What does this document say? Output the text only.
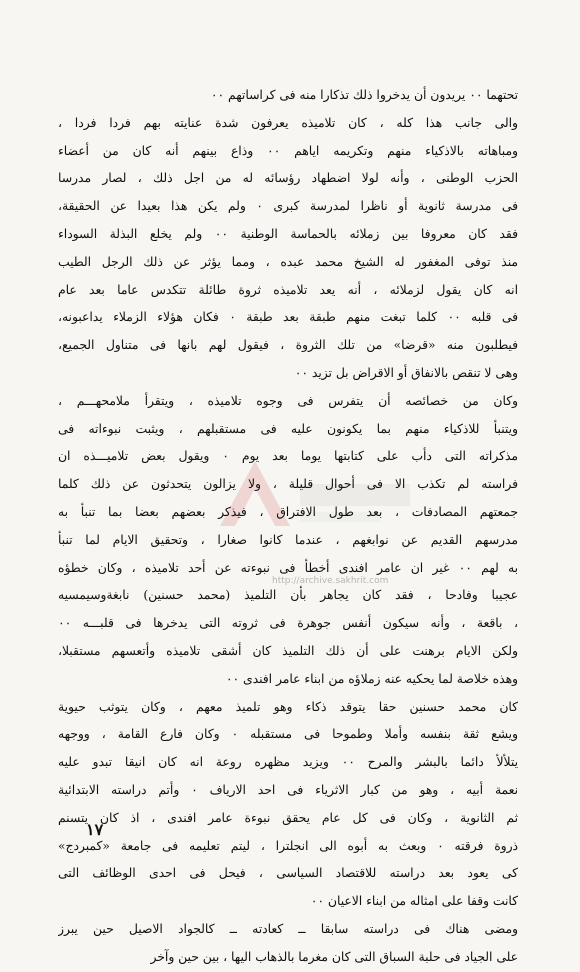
http://archive.sakhrit.com
تحتهما ٠٠ يريدون أن يدخروا ذلك تذكارا منه فى كراساتهم ٠٠
والى جانب هذا كله ، كان تلاميذه يعرفون شدة عنايته بهم فردا فردا ،
ومباهاته بالاذكياء منهم وتكريمه اياهم ٠٠ وذاع بينهم أنه كان من أعضاء
الحزب الوطنى ، وأنه لولا اضطهاد رؤسائه له من اجل ذلك ، لصار مدرسا
فى مدرسة ثانوية أو ناظرا لمدرسة كبرى ٠ ولم يكن هذا بعيدا عن الحقيقة،
فقد كان معروفا بين زملائه بالحماسة الوطنية ٠٠ ولم يخلع البذلة السوداء
منذ توفى المغفور له الشيخ محمد عبده ، ومما يؤثر عن ذلك الرجل الطيب
انه كان يقول لزملائه ، أنه يعد تلاميذه ثروة طائلة تتكدس عاما بعد عام
فى قلبه ٠٠ كلما تبغت منهم طبقة بعد طبقة ٠ فكان هؤلاء الزملاء يداعبونه،
فيطلبون منه «قرضا» من تلك الثروة ، فيقول لهم بانها فى متناول الجميع،
وهى لا تنقص بالانفاق أو الاقراض بل تزيد ٠٠
وكان من خصائصه أن يتفرس فى وجوه تلاميذه ، ويتقرأ ملامحهـــم ،
ويتنبأ للاذكياء منهم بما يكونون عليه فى مستقبلهم ، ويثبت نبوءاته فى
مذكراته التى دأب على كتابتها يوما بعد يوم ٠ ويقول بعض تلاميـــذه ان
فراسته لم تكذب الا فى أحوال قليلة ، ولا يزالون يتحدثون عن ذلك كلما
جمعتهم المصادفات ، بعد طول الافتراق ، فيذكر بعضهم بعضا بما تنبأ به
مدرسهم القديم عن نوابغهم ، عندما كانوا صغارا ، وتحقيق الايام لما تنبأ
به لهم ٠٠ غير ان عامر افندى أخطأ فى نبوءته عن أحد تلاميذه ، وكان خطؤه
عجيبا وفادحا ، فقد كان يجاهر بأن التلميذ (محمد حسنين) نابغةوسيمسيه
، باقعة ، وأنه سيكون أنفس جوهرة فى ثروته التى يدخرها فى قلبـــه ٠٠
ولكن الايام برهنت على أن ذلك التلميذ كان أشقى تلاميذه وأتعسهم مستقبلا،
وهذه خلاصة لما يحكيه عنه زملاؤه من ابناء عامر افندى ٠٠
كان محمد حسنين حقا يتوقد ذكاء وهو تلميذ معهم ، وكان يتوثب حيوية
ويشع ثقة بنفسه وأملا وطموحا فى مستقبله ٠ وكان فارع القامة ، ووجهه
يتلألأ دائما بالبشر والمرح ٠٠ ويزيد مظهره روعة انه كان انيقا تبدو عليه
نعمة أبيه ، وهو من كبار الاثرياء فى احد الارياف ٠ وأتم دراسته الابتدائية
ثم الثانوية ، وكان فى كل عام يحقق نبوءة عامر افندى ، اذ كان يتسنم
ذروة فرقته ٠ وبعث به أبوه الى انجلترا ، ليتم تعليمه فى جامعة «كمبردج»
كى يعود بعد دراسته للاقتصاد السياسى ، فيحل فى احدى الوظائف التى
كانت وقفا على امثاله من ابناء الاعيان ٠٠
ومضى هناك فى دراسته سابقا ــ كعادته ــ كالجواد الاصيل حين يبرز
على الجياد فى حلبة السباق التى كان مغرما بالذهاب اليها ، بين حين وآخر
١٧
